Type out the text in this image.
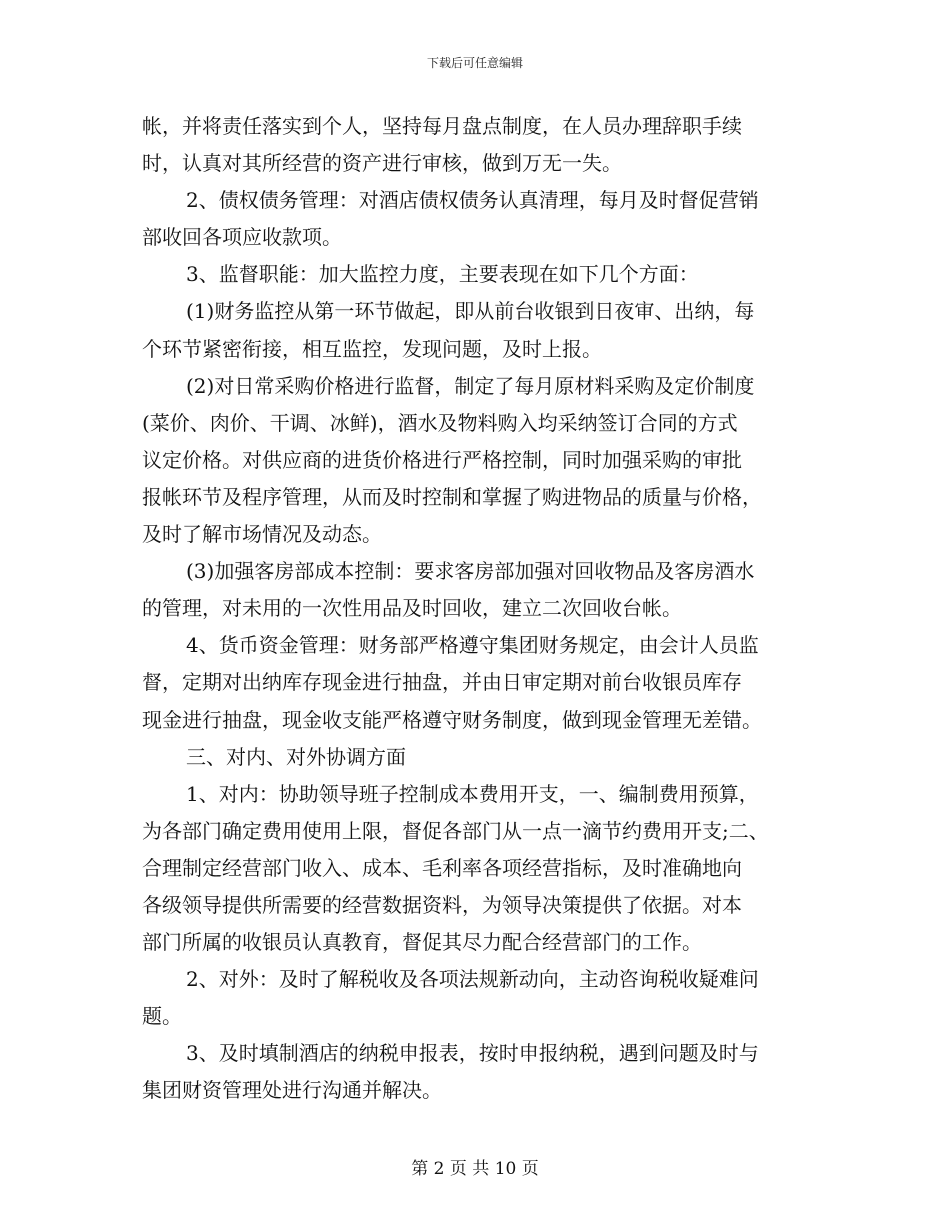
下载后可任意编辑
帐，并将责任落实到个人，坚持每月盘点制度，在人员办理辞职手续
时，认真对其所经营的资产进行审核，做到万无一失。
2、债权债务管理：对酒店债权债务认真清理，每月及时督促营销
部收回各项应收款项。
3、监督职能：加大监控力度，主要表现在如下几个方面：
(1)财务监控从第一环节做起，即从前台收银到日夜审、出纳，每
个环节紧密衔接，相互监控，发现问题，及时上报。
(2)对日常采购价格进行监督，制定了每月原材料采购及定价制度
(菜价、肉价、干调、冰鲜)，酒水及物料购入均采纳签订合同的方式
议定价格。对供应商的进货价格进行严格控制，同时加强采购的审批
报帐环节及程序管理，从而及时控制和掌握了购进物品的质量与价格，
及时了解市场情况及动态。
(3)加强客房部成本控制：要求客房部加强对回收物品及客房酒水
的管理，对未用的一次性用品及时回收，建立二次回收台帐。
4、货币资金管理：财务部严格遵守集团财务规定，由会计人员监
督，定期对出纳库存现金进行抽盘，并由日审定期对前台收银员库存
现金进行抽盘，现金收支能严格遵守财务制度，做到现金管理无差错。
三、对内、对外协调方面
1、对内：协助领导班子控制成本费用开支，一、编制费用预算，
为各部门确定费用使用上限，督促各部门从一点一滴节约费用开支;二、
合理制定经营部门收入、成本、毛利率各项经营指标，及时准确地向
各级领导提供所需要的经营数据资料，为领导决策提供了依据。对本
部门所属的收银员认真教育，督促其尽力配合经营部门的工作。
2、对外：及时了解税收及各项法规新动向，主动咨询税收疑难问
题。
3、及时填制酒店的纳税申报表，按时申报纳税，遇到问题及时与
集团财资管理处进行沟通并解决。
第 2 页 共 10 页
